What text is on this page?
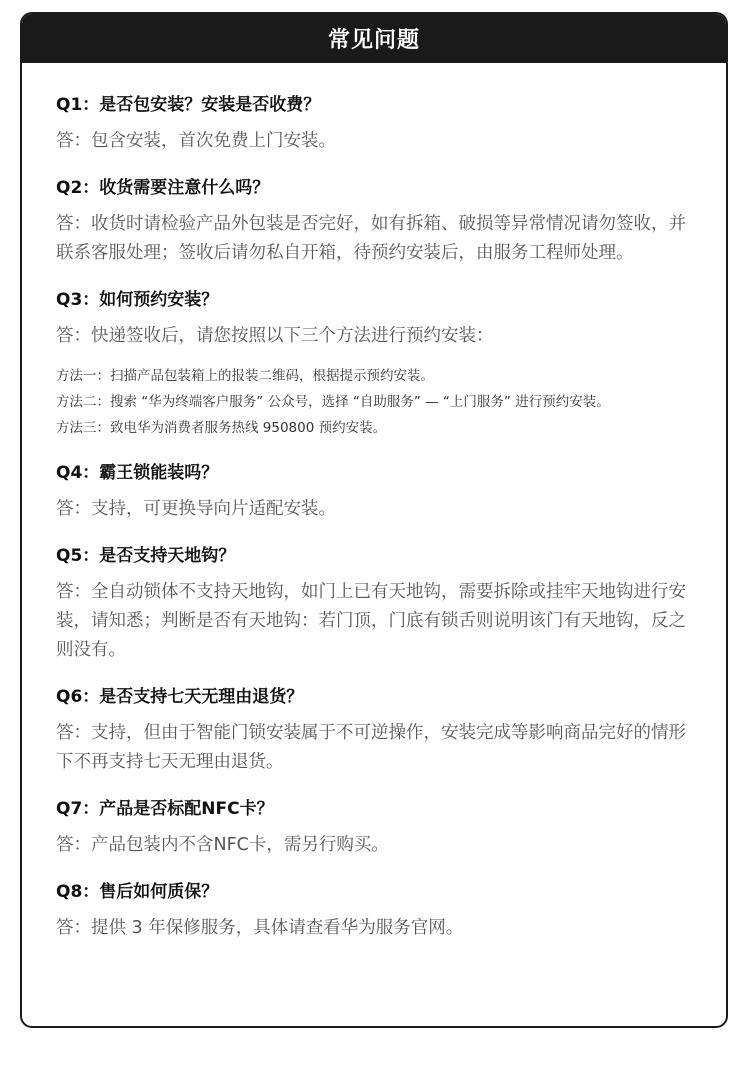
常见问题
Q1：是否包安装？安装是否收费？
答：包含安装，首次免费上门安装。
Q2：收货需要注意什么吗？
答：收货时请检验产品外包装是否完好，如有拆箱、破损等异常情况请勿签收，并联系客服处理；签收后请勿私自开箱，待预约安装后，由服务工程师处理。
Q3：如何预约安装？
答：快递签收后，请您按照以下三个方法进行预约安装：
方法一：扫描产品包装箱上的报装二维码，根据提示预约安装。
方法二：搜索 “华为终端客户服务” 公众号，选择 “自助服务” — “上门服务” 进行预约安装。
方法三：致电华为消费者服务热线 950800 预约安装。
Q4：霸王锁能装吗？
答：支持，可更换导向片适配安装。
Q5：是否支持天地钩？
答：全自动锁体不支持天地钩，如门上已有天地钩，需要拆除或挂牢天地钩进行安装，请知悉；判断是否有天地钩：若门顶，门底有锁舌则说明该门有天地钩，反之则没有。
Q6：是否支持七天无理由退货？
答：支持，但由于智能门锁安装属于不可逆操作，安装完成等影响商品完好的情形下不再支持七天无理由退货。
Q7：产品是否标配NFC卡？
答：产品包装内不含NFC卡，需另行购买。
Q8：售后如何质保？
答：提供 3 年保修服务，具体请查看华为服务官网。
